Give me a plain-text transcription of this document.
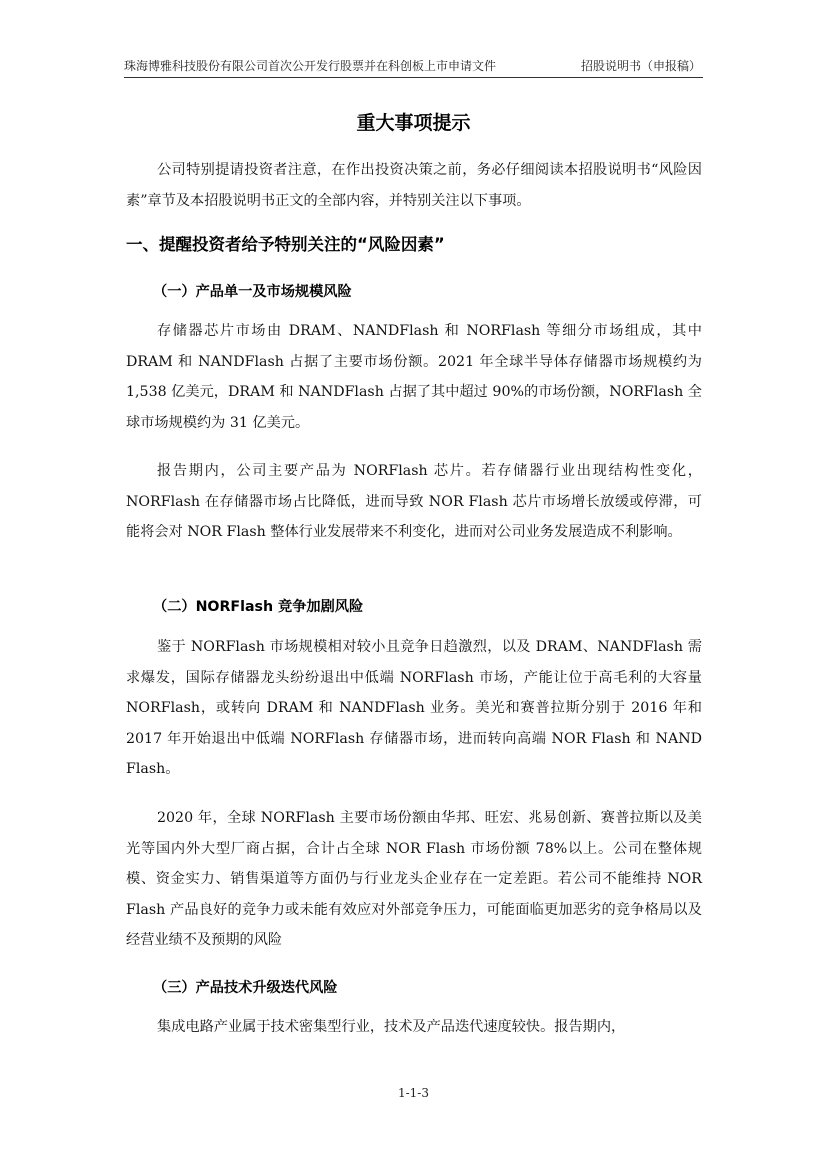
珠海博雅科技股份有限公司首次公开发行股票并在科创板上市申请文件	招股说明书（申报稿）
重大事项提示

公司特别提请投资者注意，在作出投资决策之前，务必仔细阅读本招股说明书“风险因素”章节及本招股说明书正文的全部内容，并特别关注以下事项。

一、提醒投资者给予特别关注的“风险因素”
（一）产品单一及市场规模风险

存储器芯片市场由 DRAM、NANDFlash 和 NORFlash 等细分市场组成，其中 DRAM 和 NANDFlash 占据了主要市场份额。2021 年全球半导体存储器市场规模约为 1,538 亿美元，DRAM 和 NANDFlash 占据了其中超过 90%的市场份额，NORFlash 全球市场规模约为 31 亿美元。

报告期内，公司主要产品为 NORFlash 芯片。若存储器行业出现结构性变化，NORFlash 在存储器市场占比降低，进而导致 NOR Flash 芯片市场增长放缓或停滞，可能将会对 NOR Flash 整体行业发展带来不利变化，进而对公司业务发展造成不利影响。

（二）NORFlash 竞争加剧风险

鉴于 NORFlash 市场规模相对较小且竞争日趋激烈，以及 DRAM、NANDFlash 需求爆发，国际存储器龙头纷纷退出中低端 NORFlash 市场，产能让位于高毛利的大容量 NORFlash，或转向 DRAM 和 NANDFlash 业务。美光和赛普拉斯分别于 2016 年和 2017 年开始退出中低端 NORFlash 存储器市场，进而转向高端 NOR Flash 和 NAND Flash。

2020 年，全球 NORFlash 主要市场份额由华邦、旺宏、兆易创新、赛普拉斯以及美光等国内外大型厂商占据，合计占全球 NOR Flash 市场份额 78%以上。公司在整体规模、资金实力、销售渠道等方面仍与行业龙头企业存在一定差距。若公司不能维持 NOR Flash 产品良好的竞争力或未能有效应对外部竞争压力，可能面临更加恶劣的竞争格局以及经营业绩不及预期的风险

（三）产品技术升级迭代风险

集成电路产业属于技术密集型行业，技术及产品迭代速度较快。报告期内，

1-1-3
